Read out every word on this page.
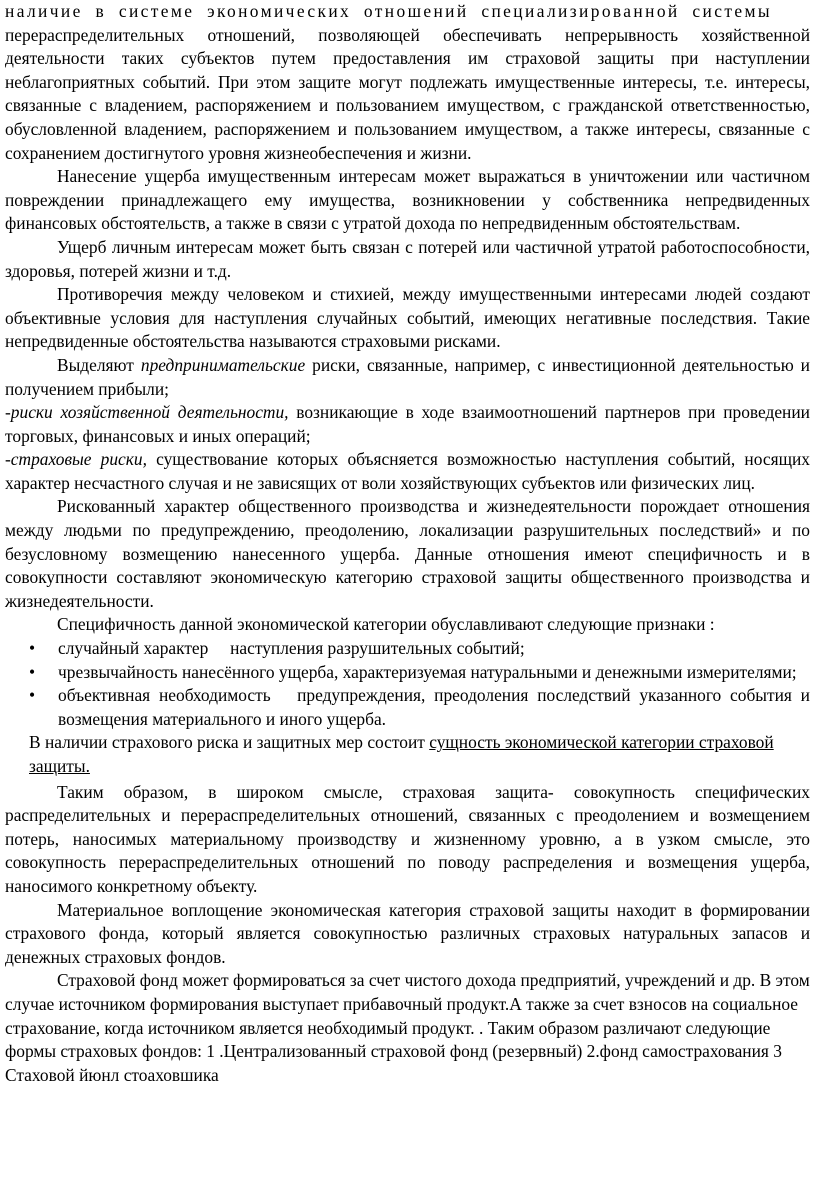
наличие в системе экономических отношений специализированной системы

перераспределительных отношений, позволяющей обеспечивать непрерывность хозяйственной деятельности таких субъектов путем предоставления им страховой защиты при наступлении неблагоприятных событий. При этом защите могут подлежать имущественные интересы, т.е. интересы, связанные с владением, распоряжением и пользованием имуществом, с гражданской ответственностью, обусловленной владением, распоряжением и пользованием имуществом, а также интересы, связанные с сохранением достигнутого уровня жизнеобеспечения и жизни.

Нанесение ущерба имущественным интересам может выражаться в уничтожении или частичном повреждении принадлежащего ему имущества, возникновении у собственника непредвиденных финансовых обстоятельств, а также в связи с утратой дохода по непредвиденным обстоятельствам.

Ущерб личным интересам может быть связан с потерей или частичной утратой работоспособности, здоровья, потерей жизни и т.д.

Противоречия между человеком и стихией, между имущественными интересами людей создают объективные условия для наступления случайных событий, имеющих негативные последствия. Такие непредвиденные обстоятельства называются страховыми рисками.

Выделяют предпринимательские риски, связанные, например, с инвестиционной деятельностью и получением прибыли;

-риски хозяйственной деятельности, возникающие в ходе взаимоотношений партнеров при проведении торговых, финансовых и иных операций;

-страховые риски, существование которых объясняется возможностью наступления событий, носящих характер несчастного случая и не зависящих от воли хозяйствующих субъектов или физических лиц.

Рискованный характер общественного производства и жизнедеятельности порождает отношения между людьми по предупреждению, преодолению, локализации разрушительных последствий» и по безусловному возмещению нанесенного ущерба. Данные отношения имеют специфичность и в совокупности составляют экономическую категорию страховой защиты общественного производства и жизнедеятельности.

Специфичность данной экономической категории обуславливают следующие признаки :

• случайный характер     наступления разрушительных событий;
• чрезвычайность нанесённого ущерба, характеризуемая натуральными и денежными измерителями;
• объективная необходимость   предупреждения, преодоления последствий указанного события и возмещения материального и иного ущерба.

В наличии страхового риска и защитных мер состоит сущность экономической категории страховой защиты.

Таким образом, в широком смысле, страховая защита- совокупность специфических распределительных и перераспределительных отношений, связанных с преодолением и возмещением потерь, наносимых материальному производству и жизненному уровню, а в узком смысле, это совокупность перераспределительных отношений по поводу распределения и возмещения ущерба, наносимого конкретному объекту.

Материальное воплощение экономическая категория страховой защиты находит в формировании страхового фонда, который является совокупностью различных страховых натуральных запасов и денежных страховых фондов.

Страховой фонд может формироваться за счет чистого дохода предприятий, учреждений и др. В этом случае источником формирования выступает прибавочный продукт.А также за счет взносов на социальное страхование, когда источником является необходимый продукт. . Таким образом различают следующие формы страховых фондов: 1 .Централизованный страховой фонд (резервный) 2.фонд самострахования 3 Стаховой йюнл стоаховшика
